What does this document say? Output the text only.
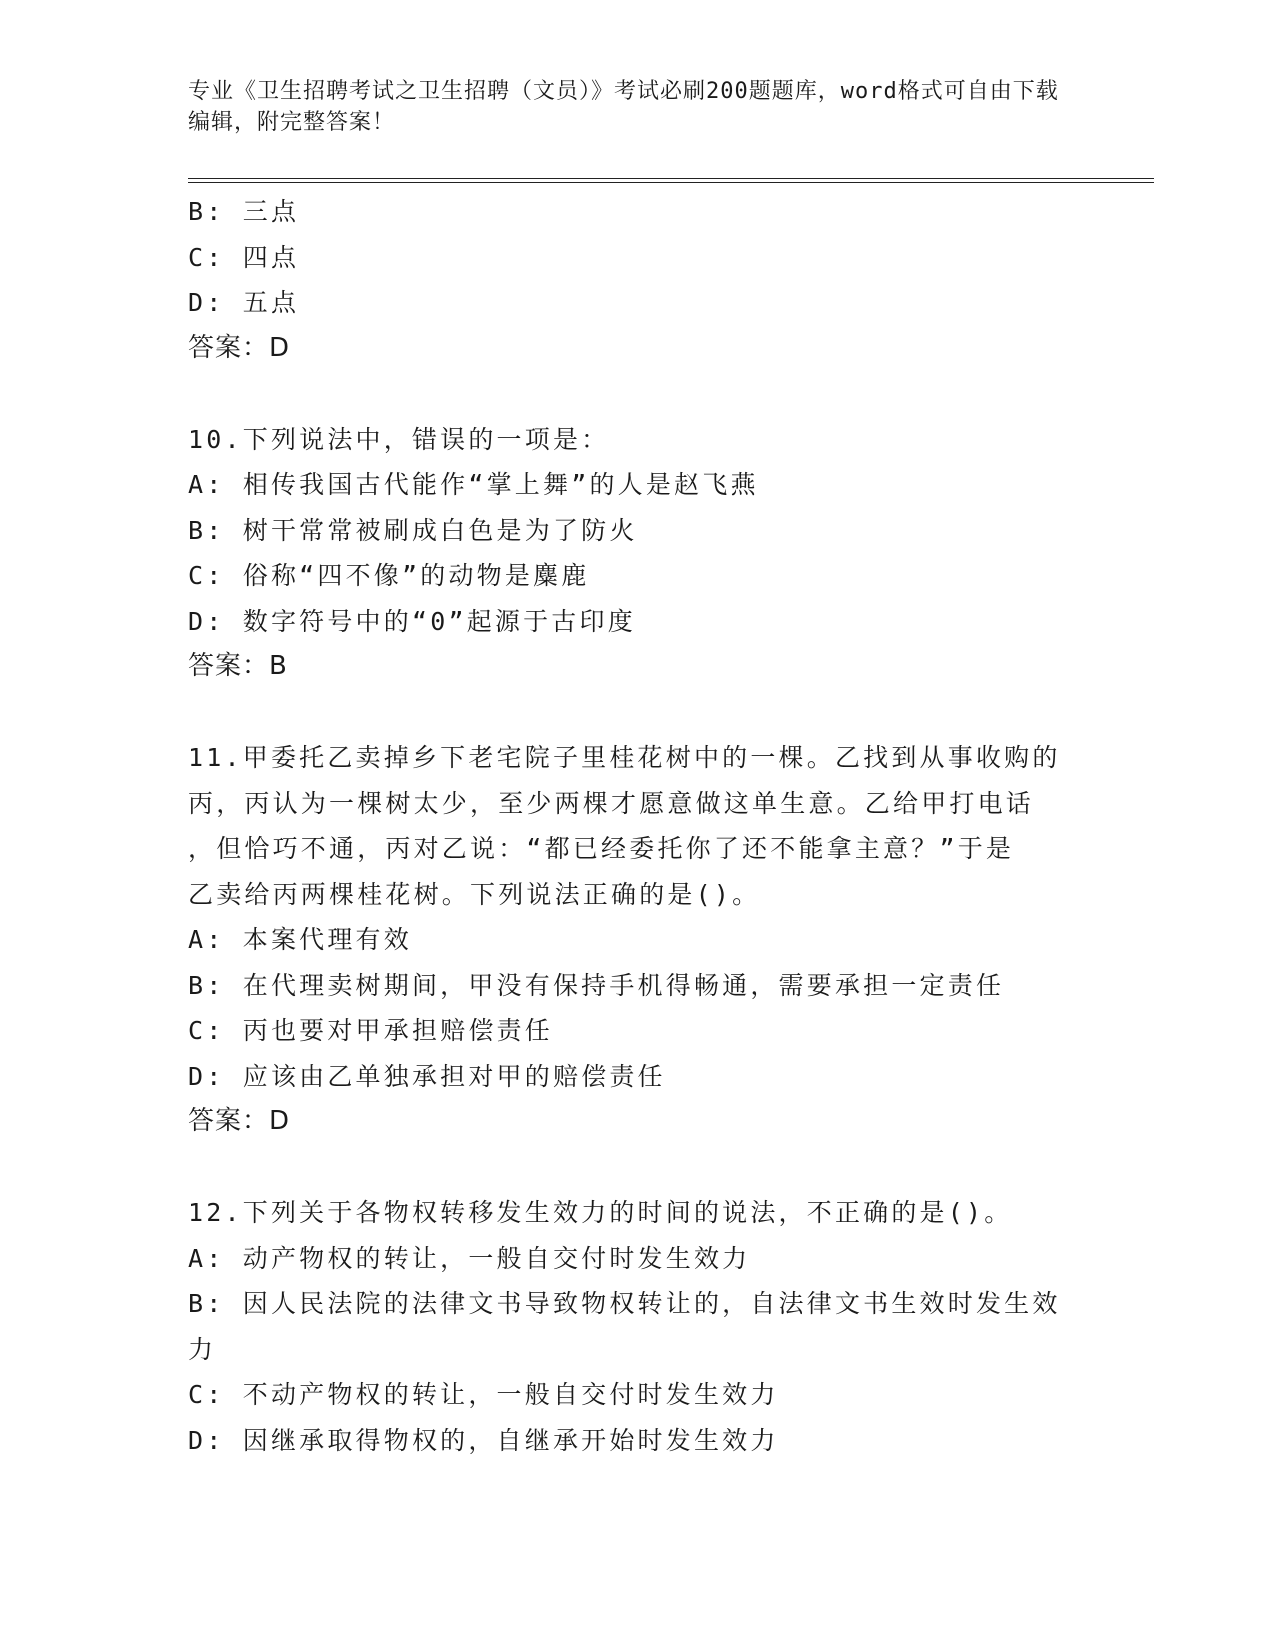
专业《卫生招聘考试之卫生招聘（文员）》考试必刷200题题库，word格式可自由下载编辑，附完整答案！
B: 三点
C: 四点
D: 五点
答案：D
10.下列说法中，错误的一项是：
A: 相传我国古代能作“掌上舞”的人是赵飞燕
B: 树干常常被刷成白色是为了防火
C: 俗称“四不像”的动物是麋鹿
D: 数字符号中的“0”起源于古印度
答案：B
11.甲委托乙卖掉乡下老宅院子里桂花树中的一棵。乙找到从事收购的
丙，丙认为一棵树太少，至少两棵才愿意做这单生意。乙给甲打电话
，但恰巧不通，丙对乙说：“都已经委托你了还不能拿主意？”于是
乙卖给丙两棵桂花树。下列说法正确的是()。
A: 本案代理有效
B: 在代理卖树期间，甲没有保持手机得畅通，需要承担一定责任
C: 丙也要对甲承担赔偿责任
D: 应该由乙单独承担对甲的赔偿责任
答案：D
12.下列关于各物权转移发生效力的时间的说法，不正确的是()。
A: 动产物权的转让，一般自交付时发生效力
B: 因人民法院的法律文书导致物权转让的，自法律文书生效时发生效
力
C: 不动产物权的转让，一般自交付时发生效力
D: 因继承取得物权的，自继承开始时发生效力
